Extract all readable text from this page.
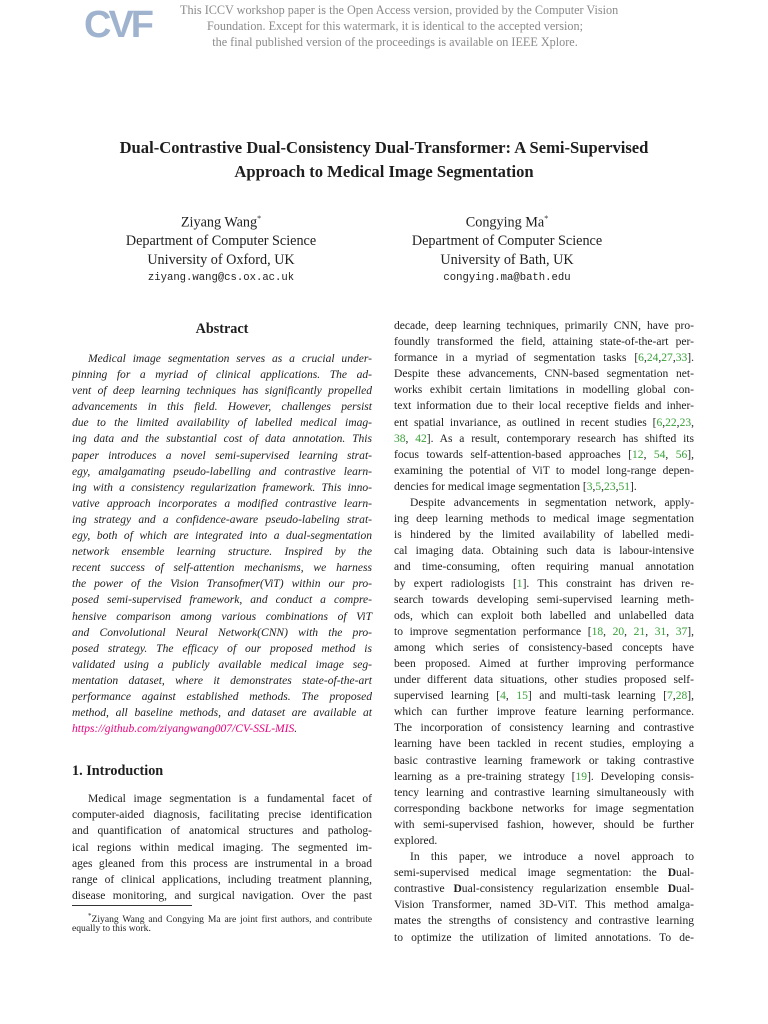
CVF This ICCV workshop paper is the Open Access version, provided by the Computer Vision
Foundation. Except for this watermark, it is identical to the accepted version;
the final published version of the proceedings is available on IEEE Xplore.
Dual-Contrastive Dual-Consistency Dual-Transformer: A Semi-Supervised
Approach to Medical Image Segmentation
Ziyang Wang*
Department of Computer Science
University of Oxford, UK
ziyang.wang@cs.ox.ac.uk
Congying Ma*
Department of Computer Science
University of Bath, UK
congying.ma@bath.edu
Abstract
Medical image segmentation serves as a crucial under-
pinning for a myriad of clinical applications. The ad-
vent of deep learning techniques has significantly propelled
advancements in this field. However, challenges persist
due to the limited availability of labelled medical imag-
ing data and the substantial cost of data annotation. This
paper introduces a novel semi-supervised learning strat-
egy, amalgamating pseudo-labelling and contrastive learn-
ing with a consistency regularization framework. This inno-
vative approach incorporates a modified contrastive learn-
ing strategy and a confidence-aware pseudo-labeling strat-
egy, both of which are integrated into a dual-segmentation
network ensemble learning structure. Inspired by the
recent success of self-attention mechanisms, we harness
the power of the Vision Transofmer(ViT) within our pro-
posed semi-supervised framework, and conduct a compre-
hensive comparison among various combinations of ViT
and Convolutional Neural Network(CNN) with the pro-
posed strategy. The efficacy of our proposed method is
validated using a publicly available medical image seg-
mentation dataset, where it demonstrates state-of-the-art
performance against established methods. The proposed
method, all baseline methods, and dataset are available at
https://github.com/ziyangwang007/CV-SSL-MIS.
1. Introduction
Medical image segmentation is a fundamental facet of
computer-aided diagnosis, facilitating precise identification
and quantification of anatomical structures and patholog-
ical regions within medical imaging. The segmented im-
ages gleaned from this process are instrumental in a broad
range of clinical applications, including treatment planning,
disease monitoring, and surgical navigation. Over the past
*Ziyang Wang and Congying Ma are joint first authors, and contribute
equally to this work.
decade, deep learning techniques, primarily CNN, have pro-
foundly transformed the field, attaining state-of-the-art per-
formance in a myriad of segmentation tasks [6,24,27,33].
Despite these advancements, CNN-based segmentation net-
works exhibit certain limitations in modelling global con-
text information due to their local receptive fields and inher-
ent spatial invariance, as outlined in recent studies [6,22,23,
38, 42]. As a result, contemporary research has shifted its
focus towards self-attention-based approaches [12, 54, 56],
examining the potential of ViT to model long-range depen-
dencies for medical image segmentation [3,5,23,51].
Despite advancements in segmentation network, apply-
ing deep learning methods to medical image segmentation
is hindered by the limited availability of labelled medi-
cal imaging data. Obtaining such data is labour-intensive
and time-consuming, often requiring manual annotation
by expert radiologists [1]. This constraint has driven re-
search towards developing semi-supervised learning meth-
ods, which can exploit both labelled and unlabelled data
to improve segmentation performance [18, 20, 21, 31, 37],
among which series of consistency-based concepts have
been proposed. Aimed at further improving performance
under different data situations, other studies proposed self-
supervised learning [4, 15] and multi-task learning [7,28],
which can further improve feature learning performance.
The incorporation of consistency learning and contrastive
learning have been tackled in recent studies, employing a
basic contrastive learning framework or taking contrastive
learning as a pre-training strategy [19]. Developing consis-
tency learning and contrastive learning simultaneously with
corresponding backbone networks for image segmentation
with semi-supervised fashion, however, should be further
explored.
In this paper, we introduce a novel approach to
semi-supervised medical image segmentation: the Dual-
contrastive Dual-consistency regularization ensemble Dual-
Vision Transformer, named 3D-ViT. This method amalga-
mates the strengths of consistency and contrastive learning
to optimize the utilization of limited annotations. To de-
